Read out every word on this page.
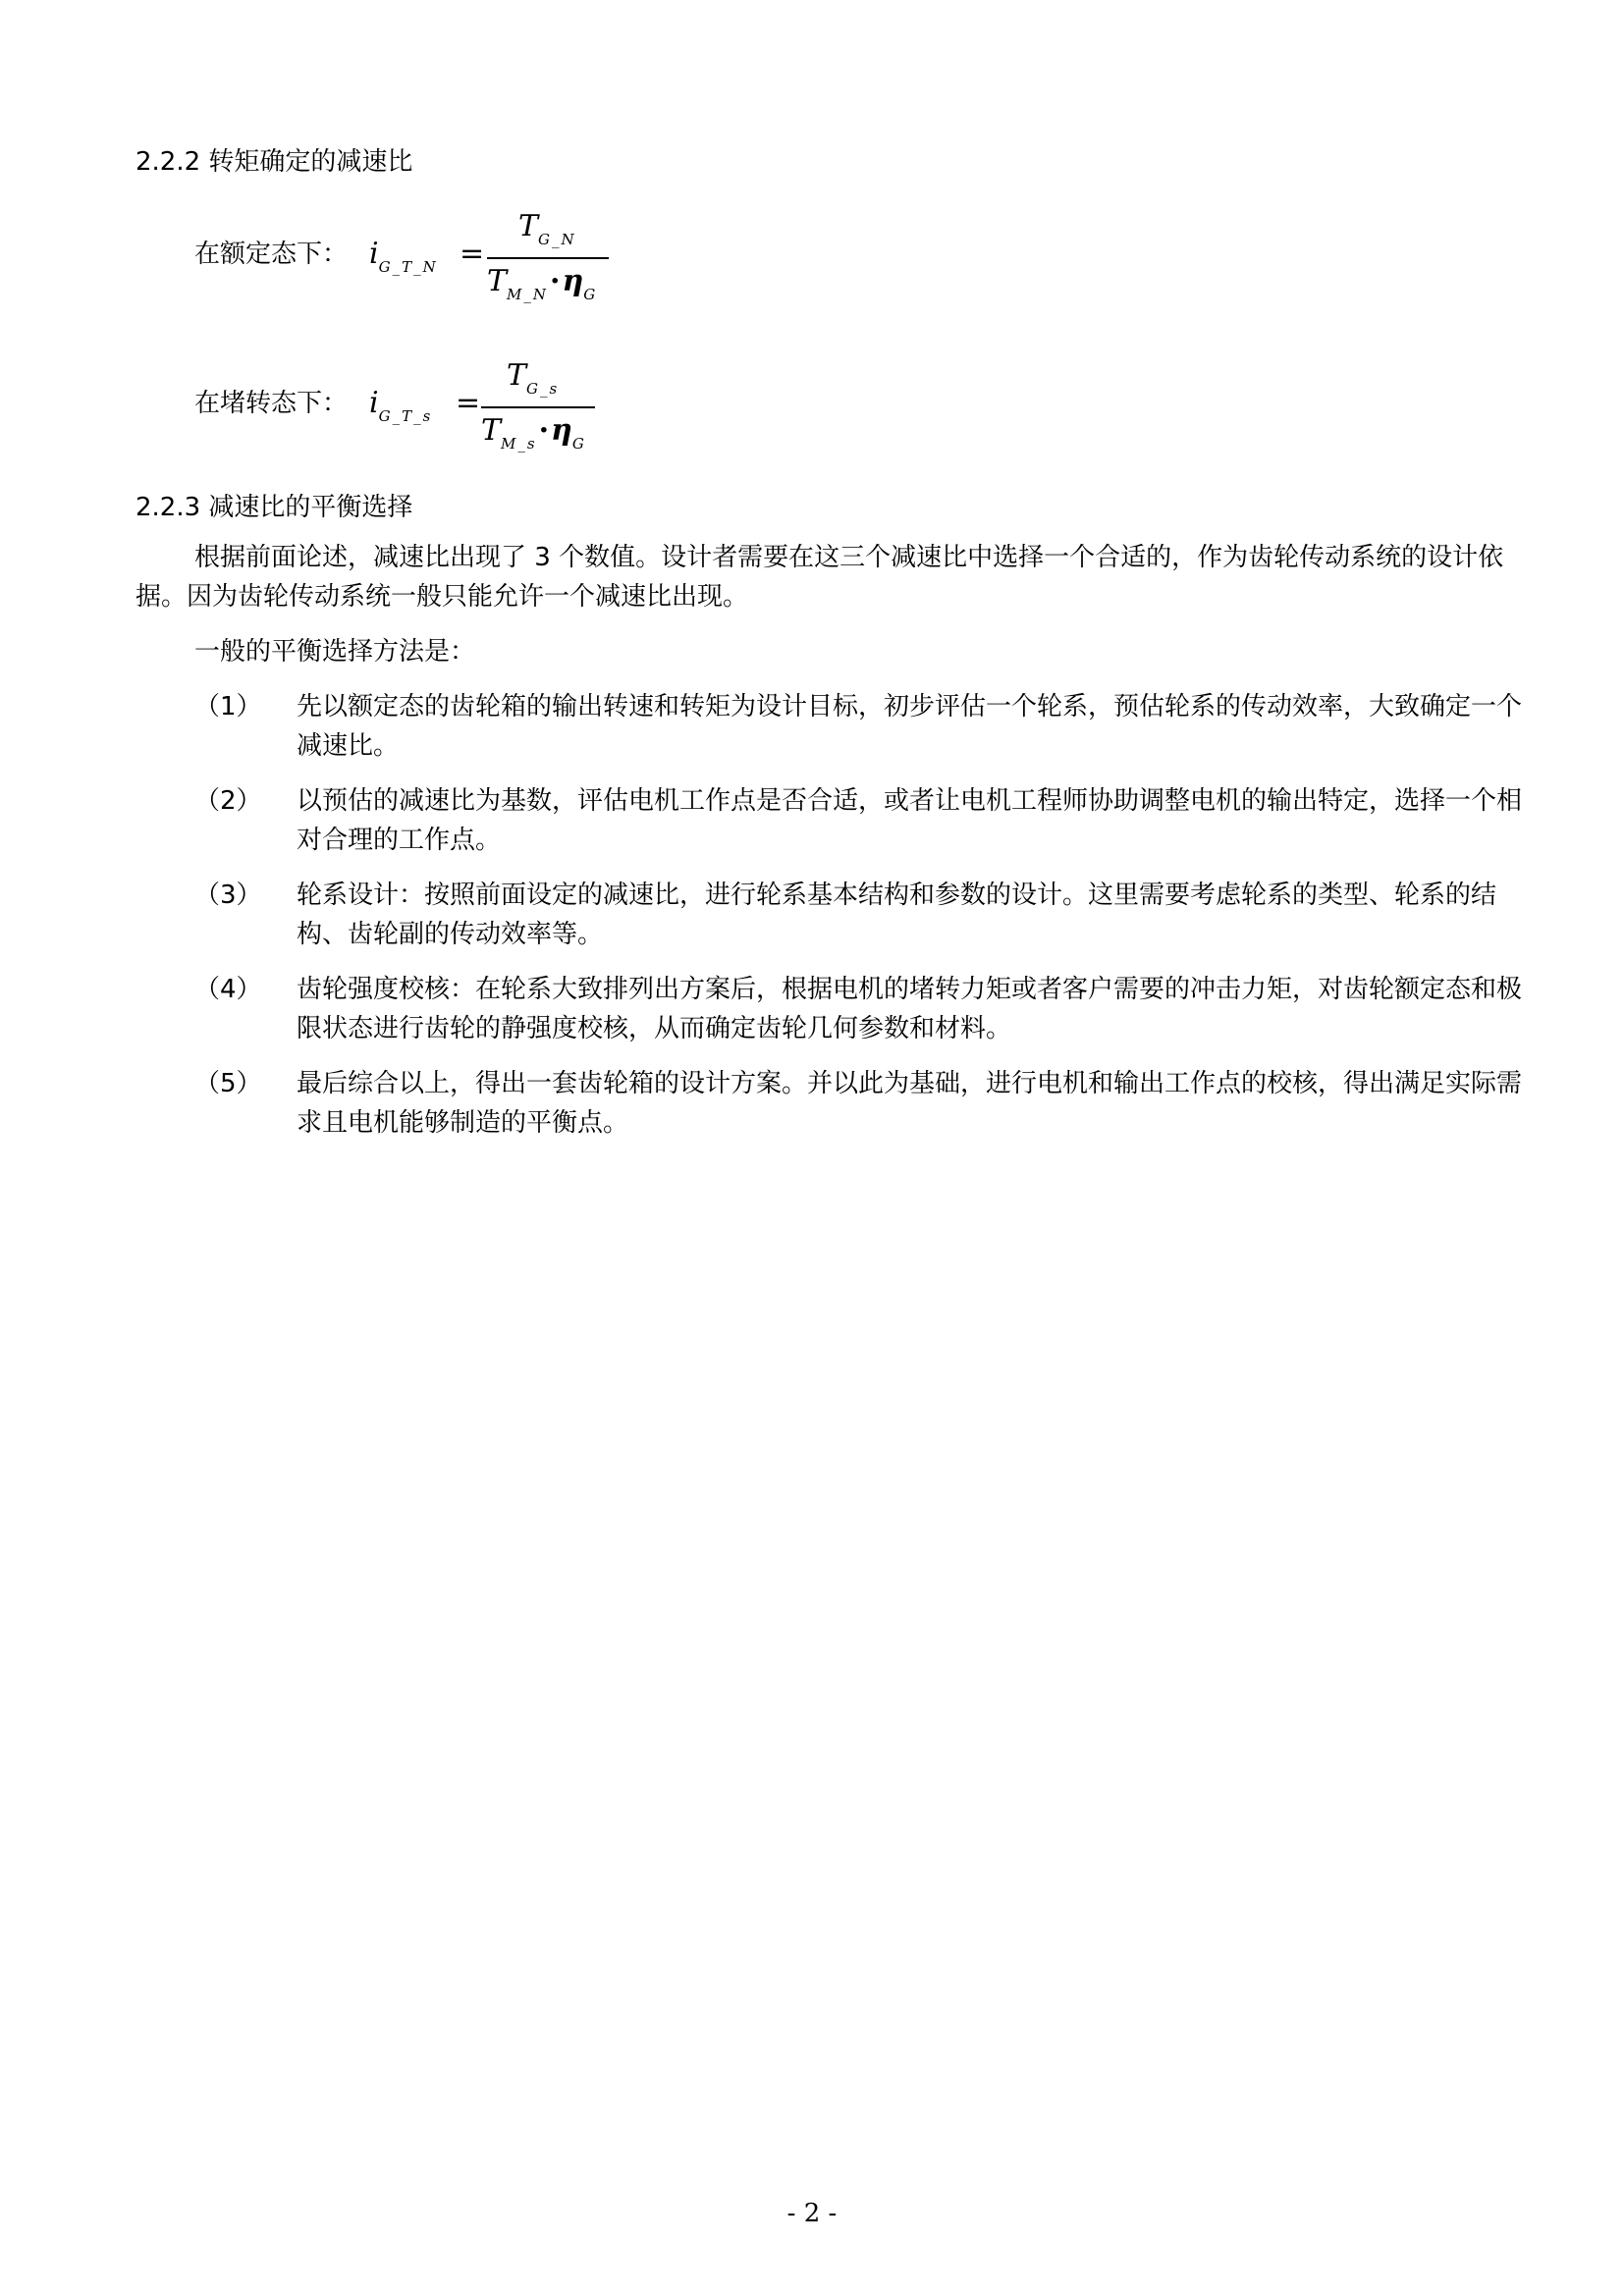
2.2.2 转矩确定的减速比
在额定态下： $i_{G\_T\_N}$ =
$T_{G\_N}$
$T_{M\_N}\cdot\eta_G$
在堵转态下： $i_{G\_T\_s}$ =
$T_{G\_s}$
$T_{M\_s}\cdot\eta_G$
2.2.3 减速比的平衡选择
根据前面论述，减速比出现了 3 个数值。设计者需要在这三个减速比中选择一个合适的，作为齿轮传动系统的设计依据。因为齿轮传动系统一般只能允许一个减速比出现。
一般的平衡选择方法是：
（1） 先以额定态的齿轮箱的输出转速和转矩为设计目标，初步评估一个轮系，预估轮系的传动效率，大致确定一个减速比。
（2） 以预估的减速比为基数，评估电机工作点是否合适，或者让电机工程师协助调整电机的输出特定，选择一个相对合理的工作点。
（3） 轮系设计：按照前面设定的减速比，进行轮系基本结构和参数的设计。这里需要考虑轮系的类型、轮系的结构、齿轮副的传动效率等。
（4） 齿轮强度校核：在轮系大致排列出方案后，根据电机的堵转力矩或者客户需要的冲击力矩，对齿轮额定态和极限状态进行齿轮的静强度校核，从而确定齿轮几何参数和材料。
（5） 最后综合以上，得出一套齿轮箱的设计方案。并以此为基础，进行电机和输出工作点的校核，得出满足实际需求且电机能够制造的平衡点。
- 2 -
